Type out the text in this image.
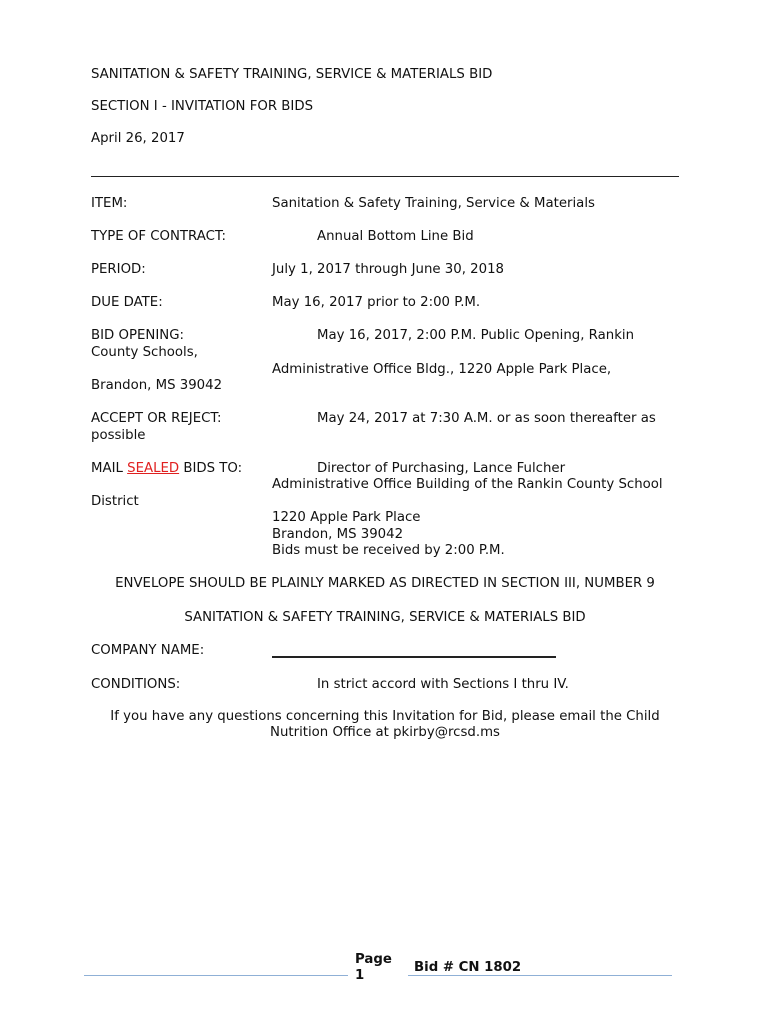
SANITATION & SAFETY TRAINING, SERVICE & MATERIALS BID
SECTION I - INVITATION FOR BIDS
April 26, 2017
ITEM:	Sanitation & Safety Training, Service & Materials
TYPE OF CONTRACT:	Annual Bottom Line Bid
PERIOD:	July 1, 2017 through June 30, 2018
DUE DATE:	May 16, 2017 prior to 2:00 P.M.
BID OPENING:	May 16, 2017, 2:00 P.M. Public Opening, Rankin
County Schools,
Administrative Office Bldg., 1220 Apple Park Place,
Brandon, MS 39042
ACCEPT OR REJECT:	May 24, 2017 at 7:30 A.M. or as soon thereafter as
possible
MAIL SEALED BIDS TO:	Director of Purchasing, Lance Fulcher
Administrative Office Building of the Rankin County School
District
1220 Apple Park Place
Brandon, MS 39042
Bids must be received by 2:00 P.M.
ENVELOPE SHOULD BE PLAINLY MARKED AS DIRECTED IN SECTION III, NUMBER 9
SANITATION & SAFETY TRAINING, SERVICE & MATERIALS BID
COMPANY NAME:
CONDITIONS:	In strict accord with Sections I thru IV.
If you have any questions concerning this Invitation for Bid, please email the Child
Nutrition Office at pkirby@rcsd.ms
Page
1
Bid # CN 1802
